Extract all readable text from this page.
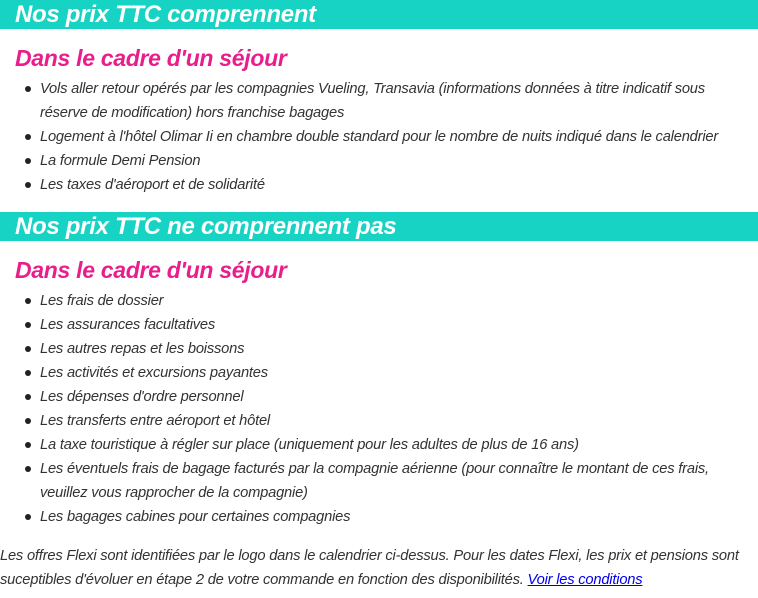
Nos prix TTC comprennent
Dans le cadre d'un séjour
Vols aller retour opérés par les compagnies Vueling, Transavia (informations données à titre indicatif sous réserve de modification) hors franchise bagages
Logement à l'hôtel Olimar Ii en chambre double standard pour le nombre de nuits indiqué dans le calendrier
La formule Demi Pension
Les taxes d'aéroport et de solidarité
Nos prix TTC ne comprennent pas
Dans le cadre d'un séjour
Les frais de dossier
Les assurances facultatives
Les autres repas et les boissons
Les activités et excursions payantes
Les dépenses d'ordre personnel
Les transferts entre aéroport et hôtel
La taxe touristique à régler sur place (uniquement pour les adultes de plus de 16 ans)
Les éventuels frais de bagage facturés par la compagnie aérienne (pour connaître le montant de ces frais, veuillez vous rapprocher de la compagnie)
Les bagages cabines pour certaines compagnies
Les offres Flexi sont identifiées par le logo dans le calendrier ci-dessus. Pour les dates Flexi, les prix et pensions sont suceptibles d'évoluer en étape 2 de votre commande en fonction des disponibilités. Voir les conditions
